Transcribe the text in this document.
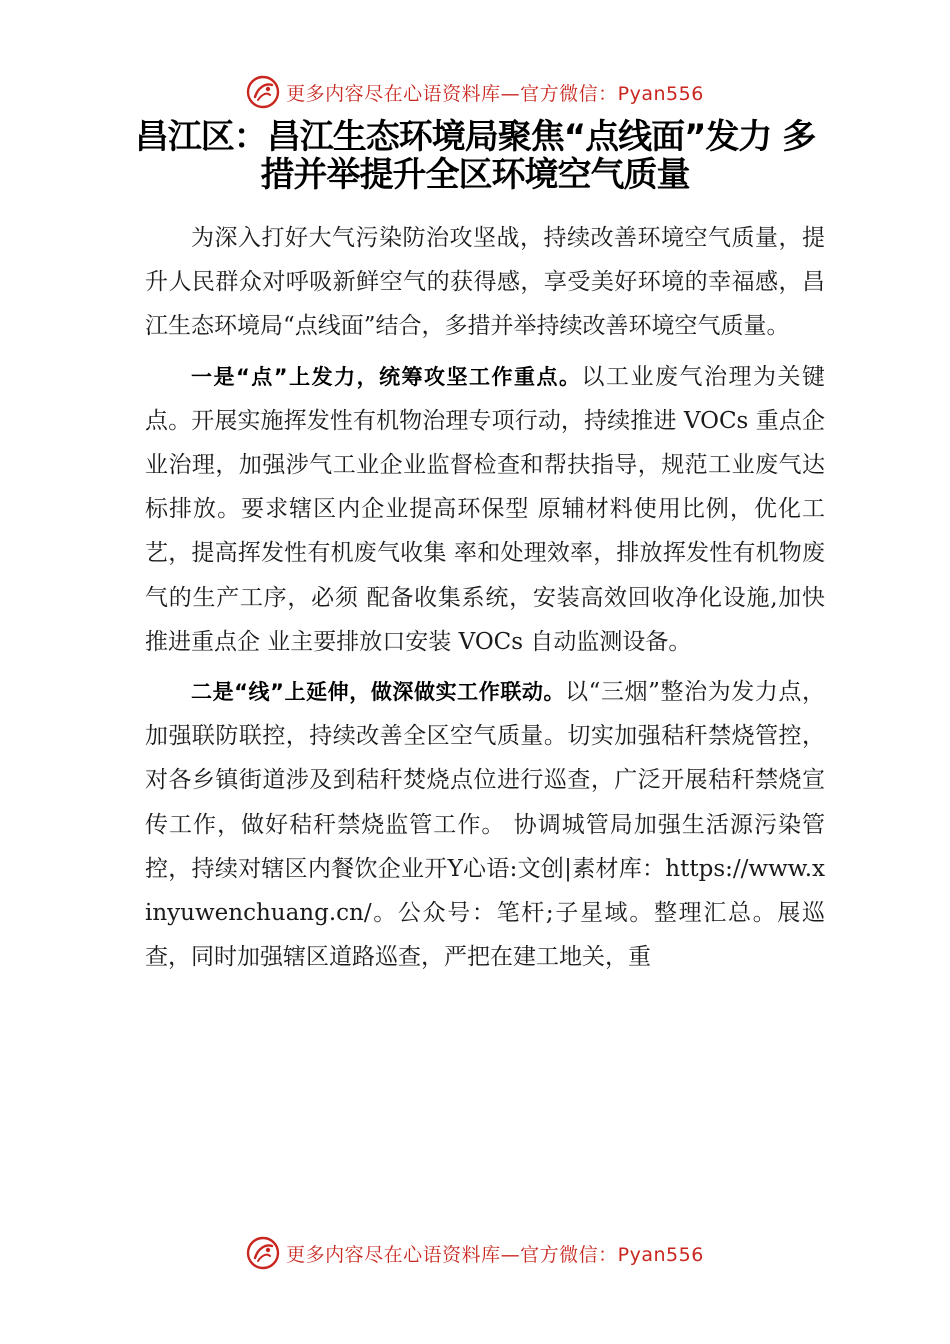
更多内容尽在心语资料库—官方微信：Pyan556
昌江区：昌江生态环境局聚焦“点线面”发力 多措并举提升全区环境空气质量

为深入打好大气污染防治攻坚战，持续改善环境空气质量，提升人民群众对呼吸新鲜空气的获得感，享受美好环境的幸福感，昌江生态环境局“点线面”结合，多措并举持续改善环境空气质量。

一是“点”上发力，统筹攻坚工作重点。以工业废气治理为关键点。开展实施挥发性有机物治理专项行动，持续推进 VOCs 重点企业治理，加强涉气工业企业监督检查和帮扶指导，规范工业废气达标排放。要求辖区内企业提高环保型 原辅材料使用比例，优化工艺，提高挥发性有机废气收集 率和处理效率，排放挥发性有机物废气的生产工序，必须 配备收集系统，安装高效回收净化设施,加快推进重点企 业主要排放口安装 VOCs 自动监测设备。

二是“线”上延伸，做深做实工作联动。以“三烟”整治为发力点，加强联防联控，持续改善全区空气质量。切实加强秸秆禁烧管控，对各乡镇街道涉及到秸秆焚烧点位进行巡查，广泛开展秸秆禁烧宣传工作，做好秸秆禁烧监管工作。 协调城管局加强生活源污染管控，持续对辖区内餐饮企业开Y心语:文创|素材库：https://www.xinyuwenchuang.cn/。公众号：笔杆;子星域。整理汇总。展巡查，同时加强辖区道路巡查，严把在建工地关，重

更多内容尽在心语资料库—官方微信：Pyan556
